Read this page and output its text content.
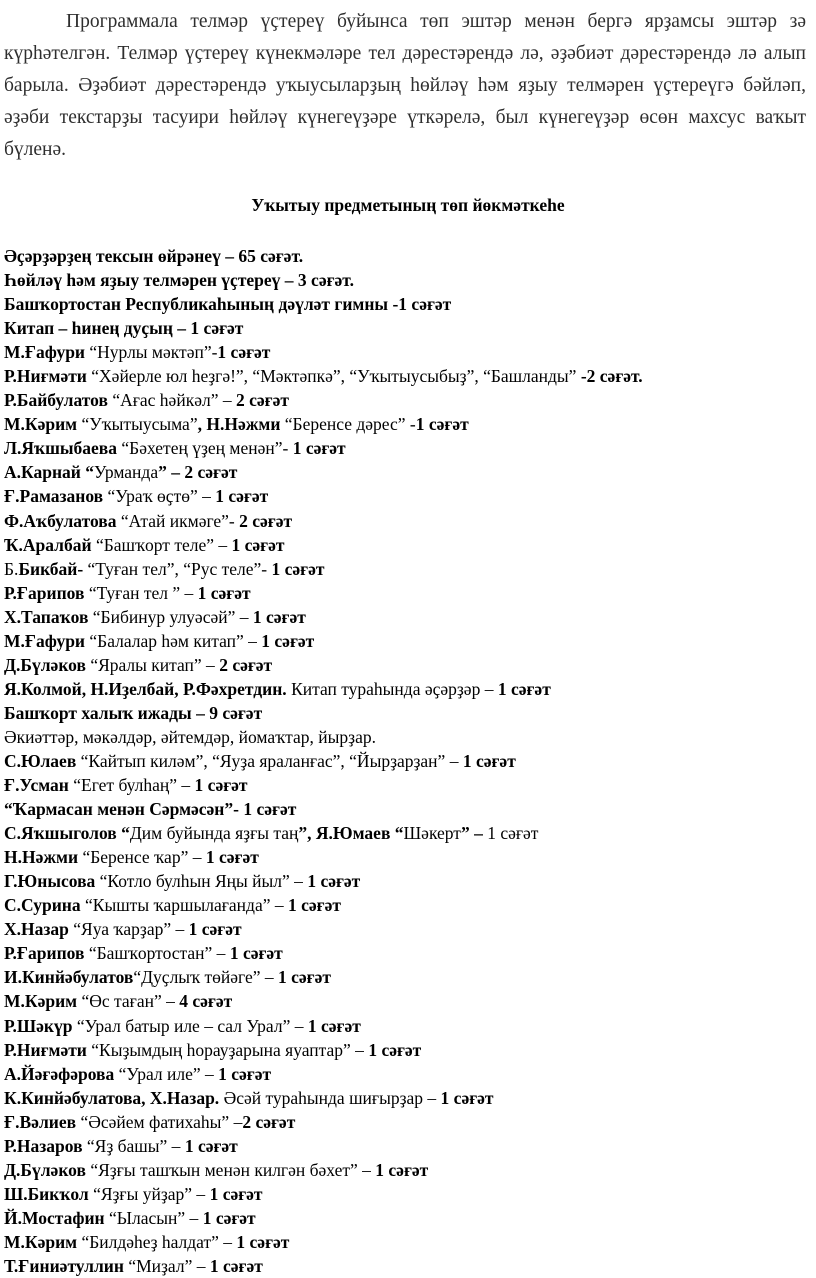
Программала телмәр үҫтереү буйынса төп эштәр менән бергә ярҙамсы эштәр зә күрһәтелгән. Телмәр үҫтереү күнекмәләре тел дәрестәрендә лә, әҙәбиәт дәрестәрендә лә алып барыла. Әҙәбиәт дәрестәрендә уҡыусыларҙың һөйләү һәм яҙыу телмәрен үҫтереүгә бәйләп, әҙәби текстарҙы тасуири һөйләү күнегеүҙәре үткәрелә, был күнегеүҙәр өсөн махсус ваҡыт бүленә.

Уҡытыу предметының төп йөкмәткеһе
Әҫәрҙәрҙең тексын өйрәнеү – 65 сәғәт.
Һөйләү һәм яҙыу телмәрен үҫтереү – 3 сәғәт.
Башҡортостан Республикаһының дәүләт гимны -1 сәғәт
Китап – һинең дуҫың – 1 сәғәт
М.Ғафури “Нурлы мәктәп”-1 сәғәт
Р.Ниғмәти “Хәйерле юл һеҙгә!”, “Мәктәпкә”, “Уҡытыусыбыҙ”, “Башланды” -2 сәғәт.
Р.Байбулатов “Ағас һәйкәл” – 2 сәғәт
М.Кәрим “Уҡытыусыма”, Н.Нәжми “Беренсе дәрес” -1 сәғәт
Л.Яҡшыбаева “Бәхетең үҙең менән”- 1 сәғәт
А.Карнай “Урманда” – 2 сәғәт
Ғ.Рамазанов “Ураҡ өҫтө” – 1 сәғәт
Ф.Аҡбулатова “Атай икмәге”- 2 сәғәт
Ҡ.Аралбай “Башҡорт теле” – 1 сәғәт
Б.Бикбай- “Туған тел”, “Рус теле”- 1 сәғәт
Р.Ғарипов “Туған тел ” – 1 сәғәт
Х.Тапаҡов “Бибинур улуәсәй” – 1 сәғәт
М.Ғафури “Балалар һәм китап” – 1 сәғәт
Д.Бүләков “Яралы китап” – 2 сәғәт
Я.Колмой, Н.Иҙелбай, Р.Фәхретдин. Китап тураһында әҫәрҙәр – 1 сәғәт
Башҡорт халыҡ ижады – 9 сәғәт
Әкиәттәр, мәкәлдәр, әйтемдәр, йомаҡтар, йырҙар.
С.Юлаев “Кайтып килəм”, “Яуҙа яраланғас”, “Йырҙарҙан” – 1 сәғәт
Ғ.Усман “Егет булһаң” – 1 сәғәт
“Ҡармасан менән Сәрмәсән”- 1 сәғәт
С.Яҡшыголов “Дим буйында яҙғы таң”, Я.Юмаев “Шәкерт” – 1 сәғәт
Н.Нәжми “Беренсе ҡар” – 1 сәғәт
Г.Юнысова “Котло булһын Яңы йыл” – 1 сәғәт
С.Сурина “Кышты ҡаршылағанда” – 1 сәғәт
Х.Назар “Яуа ҡарҙар” – 1 сәғәт
Р.Ғарипов “Башҡортостан” – 1 сәғәт
И.Кинйәбулатов“Дуҫлыҡ төйәге” – 1 сәғәт
М.Кәрим “Өс таған” – 4 сәғәт
Р.Шәкүр “Урал батыр иле – сал Урал” – 1 сәғәт
Р.Ниғмәти “Кыҙымдың һорауҙарына яуаптар” – 1 сәғәт
А.Йәғәфәрова “Урал иле” – 1 сәғәт
К.Кинйәбулатова, Х.Назар. Әсәй тураһында шиғырҙар – 1 сәғәт
Ғ.Вәлиев “Әсәйем фатихаһы” –2 сәғәт
Р.Назаров “Яҙ башы” – 1 сәғәт
Д.Бүләков “Яҙғы ташҡын менән килгән бәхет” – 1 сәғәт
Ш.Бикҡол “Яҙғы уйҙар” – 1 сәғәт
Й.Мостафин “Ыласын” – 1 сәғәт
М.Кәрим “Билдәһеҙ һалдат” – 1 сәғәт
Т.Ғиниәтуллин “Миҙал” – 1 сәғәт
